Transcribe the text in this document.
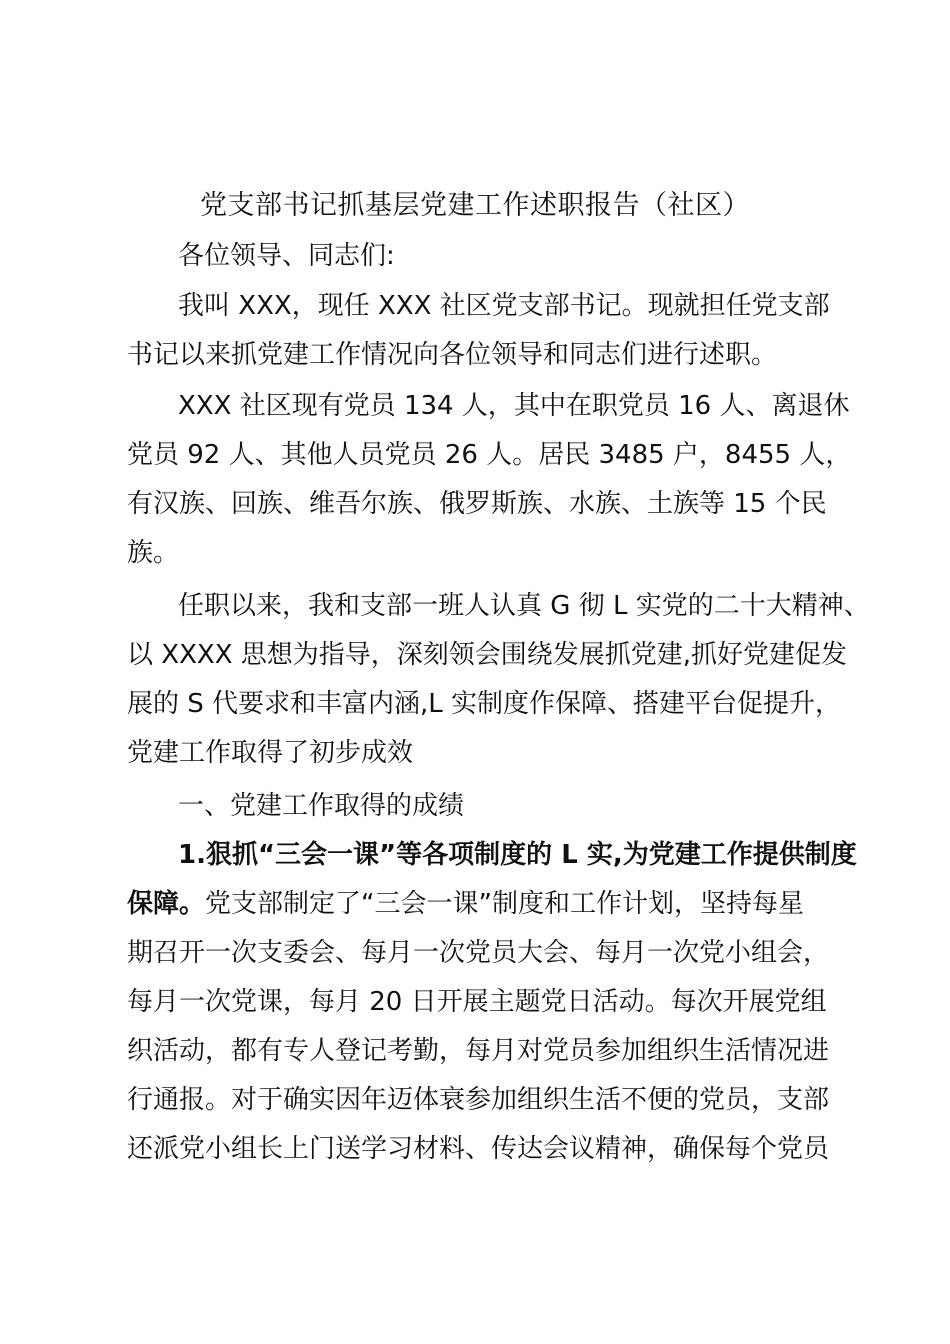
党支部书记抓基层党建工作述职报告（社区）
各位领导、同志们:
我叫 XXX，现任 XXX 社区党支部书记。现就担任党支部
书记以来抓党建工作情况向各位领导和同志们进行述职。
XXX 社区现有党员 134 人，其中在职党员 16 人、离退休
党员 92 人、其他人员党员 26 人。居民 3485 户，8455 人，
有汉族、回族、维吾尔族、俄罗斯族、水族、土族等 15 个民
族。
任职以来，我和支部一班人认真 G 彻 L 实党的二十大精神、
以 XXXX 思想为指导，深刻领会围绕发展抓党建,抓好党建促发
展的 S 代要求和丰富内涵,L 实制度作保障、搭建平台促提升，
党建工作取得了初步成效
一、党建工作取得的成绩
1.狠抓“三会一课”等各项制度的 L 实,为党建工作提供制度
保障。党支部制定了“三会一课”制度和工作计划，坚持每星
期召开一次支委会、每月一次党员大会、每月一次党小组会，
每月一次党课，每月 20 日开展主题党日活动。每次开展党组
织活动，都有专人登记考勤，每月对党员参加组织生活情况进
行通报。对于确实因年迈体衰参加组织生活不便的党员，支部
还派党小组长上门送学习材料、传达会议精神，确保每个党员
